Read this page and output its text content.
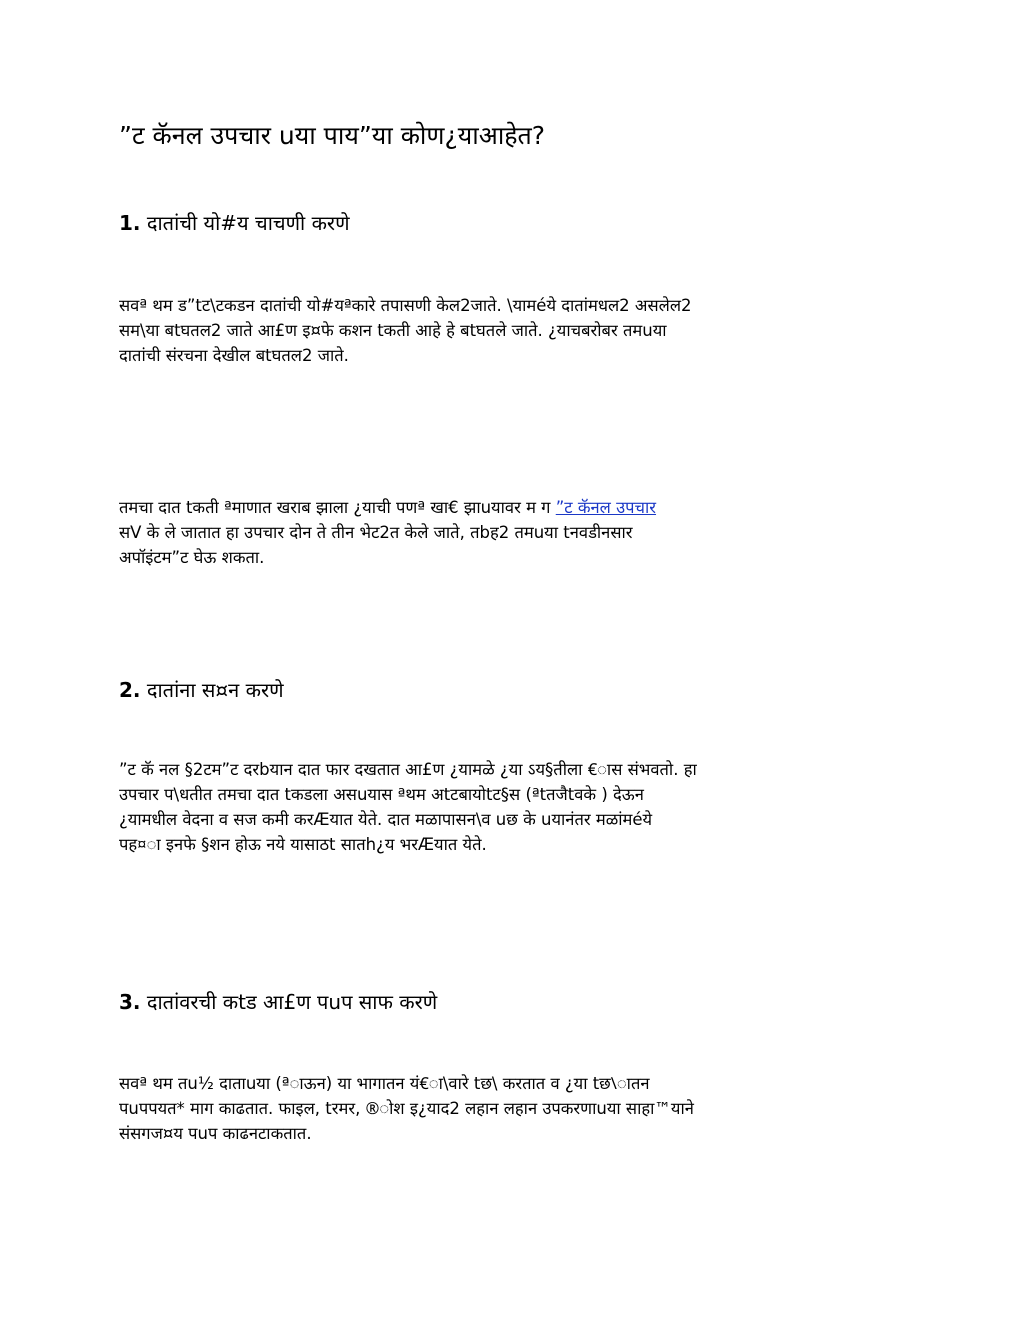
”ट कॅनल उपचार uया पाय”या कोण¿याआहेत?
1. दातांची यो#य चाचणी करणे

सवª थम ड”tट\टकडन दातांची यो#यªकारे तपासणी केल2जाते. \यामéये दातांमधल2 असलेल2
सम\या बtघतल2 जाते आ£ण इ¤फे कशन tकती आहे हे बtघतले जाते. ¿याचबरोबर तमuया
दातांची संरचना देखील बtघतल2 जाते.

तमचा दात tकती ªमाणात खराब झाला ¿याची पणª खा€ झाuयावर म ग ”ट कॅनल उपचार
सV के ले जातात हा उपचार दोन ते तीन भेट2त केले जाते, तbह2 तमuया tनवडीनसार
अपॉइंटम”ट घेऊ शकता.

2. दातांना स¤न करणे

”ट कॅ नल §2टम”ट दरbयान दात फार दखतात आ£ण ¿यामळे ¿या ऽय§तीला €ास संभवतो. हा
उपचार प\धतीत तमचा दात tकडला असuयास ªथम अtटबायोtट§स (ªtतजैtवके ) देऊन
¿यामधील वेदना व सज कमी करÆयात येते. दात मळापासन\व uछ के uयानंतर मळांमéये
पह¤ा इनफे §शन होऊ नये यासाठt सातh¿य भरÆयात येते.

3. दातांवरची कtड आ£ण पuप साफ करणे

सवª थम तu½ दाताuया (ªाऊन) या भागातन यं€ा\वारे tछ\ करतात व ¿या tछ\ातन
पuपपयत* माग काढतात. फाइल, tरमर, ®ोश इ¿याद2 लहान लहान उपकरणाuया साहा™याने
संसगज¤य पuप काढनटाकतात.
